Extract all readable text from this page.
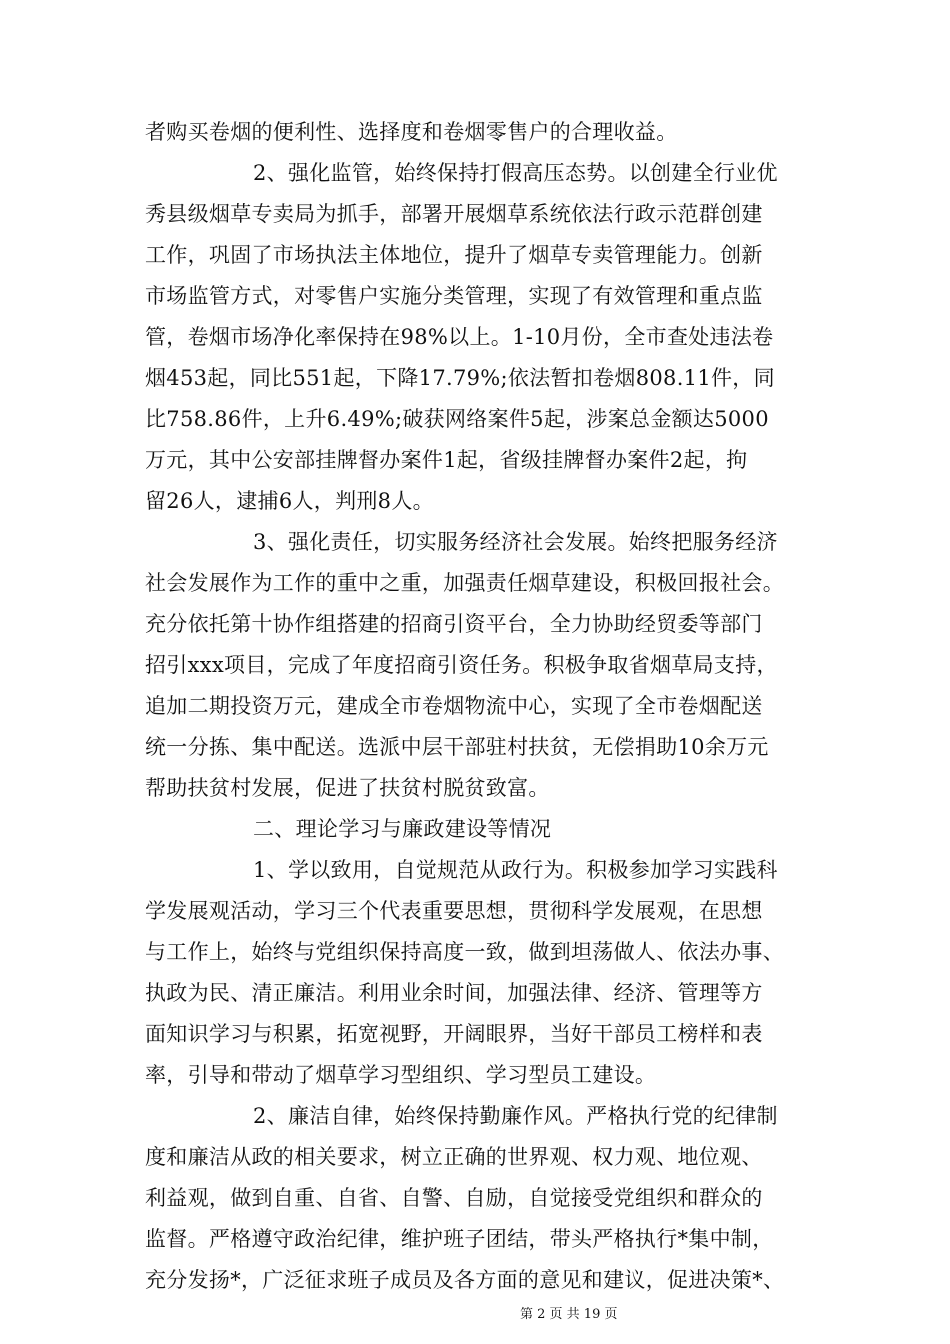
者购买卷烟的便利性、选择度和卷烟零售户的合理收益。
2、强化监管，始终保持打假高压态势。以创建全行业优
秀县级烟草专卖局为抓手，部署开展烟草系统依法行政示范群创建
工作，巩固了市场执法主体地位，提升了烟草专卖管理能力。创新
市场监管方式，对零售户实施分类管理，实现了有效管理和重点监
管，卷烟市场净化率保持在98%以上。1-10月份，全市查处违法卷
烟453起，同比551起，下降17.79%;依法暂扣卷烟808.11件，同
比758.86件，上升6.49%;破获网络案件5起，涉案总金额达5000
万元，其中公安部挂牌督办案件1起，省级挂牌督办案件2起，拘
留26人，逮捕6人，判刑8人。
3、强化责任，切实服务经济社会发展。始终把服务经济
社会发展作为工作的重中之重，加强责任烟草建设，积极回报社会。
充分依托第十协作组搭建的招商引资平台，全力协助经贸委等部门
招引xxx项目，完成了年度招商引资任务。积极争取省烟草局支持，
追加二期投资万元，建成全市卷烟物流中心，实现了全市卷烟配送
统一分拣、集中配送。选派中层干部驻村扶贫，无偿捐助10余万元
帮助扶贫村发展，促进了扶贫村脱贫致富。
二、理论学习与廉政建设等情况
1、学以致用，自觉规范从政行为。积极参加学习实践科
学发展观活动，学习三个代表重要思想，贯彻科学发展观，在思想
与工作上，始终与党组织保持高度一致，做到坦荡做人、依法办事、
执政为民、清正廉洁。利用业余时间，加强法律、经济、管理等方
面知识学习与积累，拓宽视野，开阔眼界，当好干部员工榜样和表
率，引导和带动了烟草学习型组织、学习型员工建设。
2、廉洁自律，始终保持勤廉作风。严格执行党的纪律制
度和廉洁从政的相关要求，树立正确的世界观、权力观、地位观、
利益观，做到自重、自省、自警、自励，自觉接受党组织和群众的
监督。严格遵守政治纪律，维护班子团结，带头严格执行*集中制，
充分发扬*，广泛征求班子成员及各方面的意见和建议，促进决策*、
第 2 页 共 19 页
